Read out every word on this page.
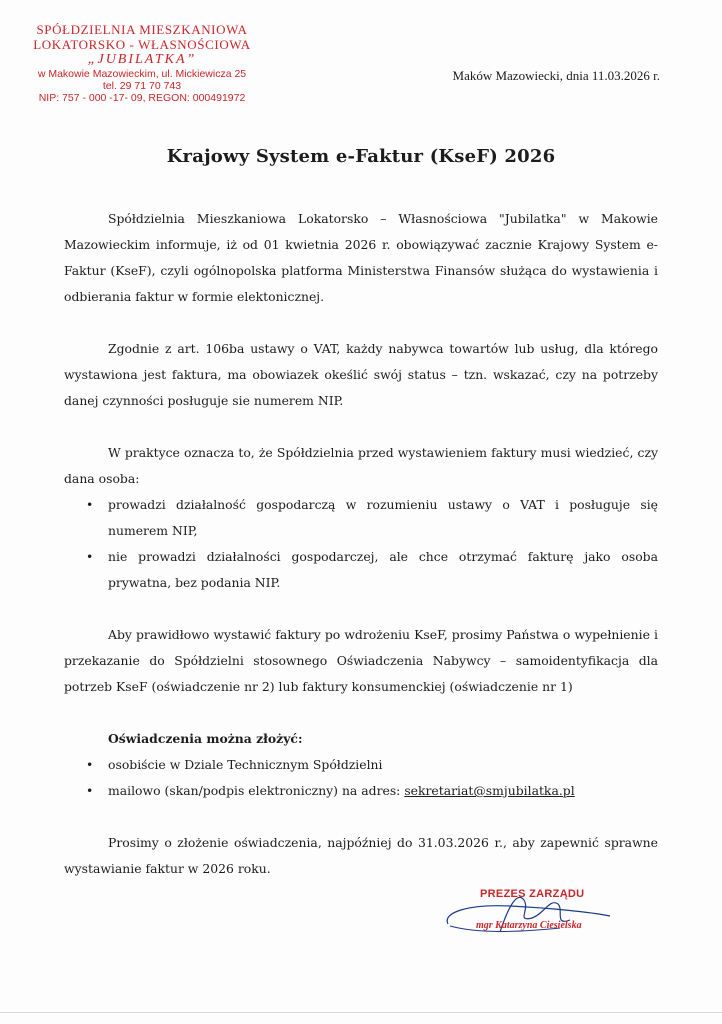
SPÓŁDZIELNIA MIESZKANIOWA
LOKATORSKO - WŁASNOŚCIOWA
„JUBILATKA”
w Makowie Mazowieckim, ul. Mickiewicza 25
tel. 29 71 70 743
NIP: 757 - 000 -17- 09, REGON: 000491972
Maków Mazowiecki, dnia 11.03.2026 r.
Krajowy System e-Faktur (KseF) 2026

Spółdzielnia Mieszkaniowa Lokatorsko – Własnościowa "Jubilatka" w Makowie Mazowieckim informuje, iż od 01 kwietnia 2026 r. obowiązywać zacznie Krajowy System e-Faktur (KseF), czyli ogólnopolska platforma Ministerstwa Finansów służąca do wystawienia i odbierania faktur w formie elektonicznej.

Zgodnie z art. 106ba ustawy o VAT, każdy nabywca towartów lub usług, dla którego wystawiona jest faktura, ma obowiazek okeślić swój status – tzn. wskazać, czy na potrzeby danej czynności posługuje sie numerem NIP.

W praktyce oznacza to, że Spółdzielnia przed wystawieniem faktury musi wiedzieć, czy dana osoba:

• prowadzi działalność gospodarczą w rozumieniu ustawy o VAT i posługuje się numerem NIP,
• nie prowadzi działalności gospodarczej, ale chce otrzymać fakturę jako osoba prywatna, bez podania NIP.

Aby prawidłowo wystawić faktury po wdrożeniu KseF, prosimy Państwa o wypełnienie i przekazanie do Spółdzielni stosownego Oświadczenia Nabywcy – samoidentyfikacja dla potrzeb KseF (oświadczenie nr 2) lub faktury konsumenckiej (oświadczenie nr 1)

Oświadczenia można złożyć:

• osobiście w Dziale Technicznym Spółdzielni
• mailowo (skan/podpis elektroniczny) na adres: sekretariat@smjubilatka.pl

Prosimy o złożenie oświadczenia, najpóźniej do 31.03.2026 r., aby zapewnić sprawne wystawianie faktur w 2026 roku.

PREZES ZARZĄDU
mgr Katarzyna Ciesielska
